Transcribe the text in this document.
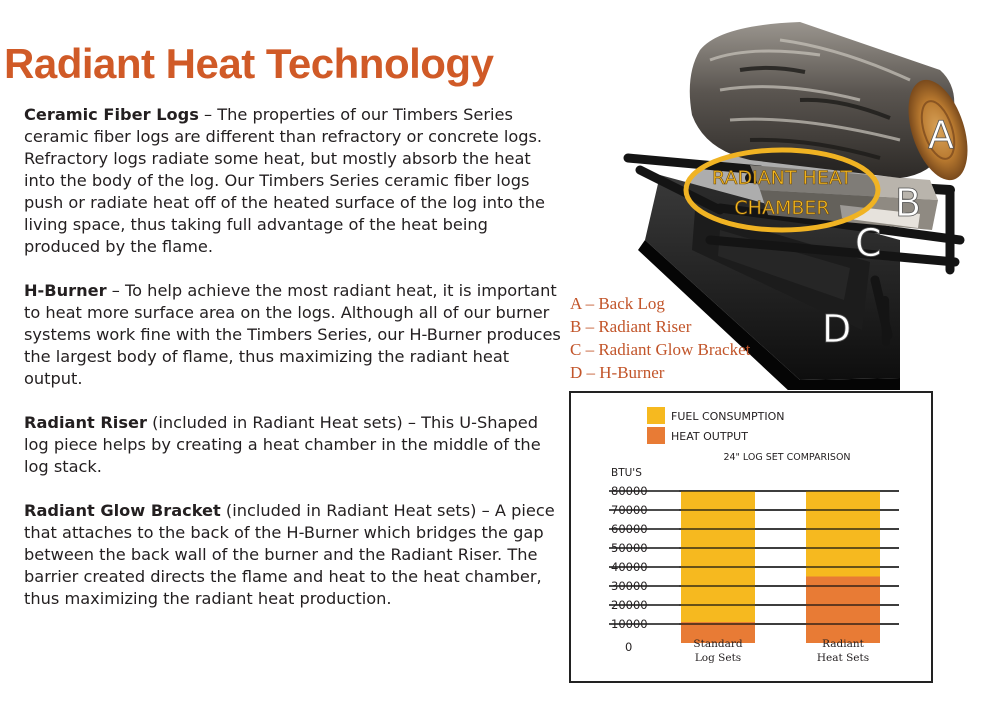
Radiant Heat Technology

Ceramic Fiber Logs – The properties of our Timbers Series ceramic fiber logs are different than refractory or concrete logs. Refractory logs radiate some heat, but mostly absorb the heat into the body of the log. Our Timbers Series ceramic fiber logs push or radiate heat off of the heated surface of the log into the living space, thus taking full advantage of the heat being produced by the flame.

H-Burner – To help achieve the most radiant heat, it is important to heat more surface area on the logs. Although all of our burner systems work fine with the Timbers Series, our H-Burner produces the largest body of flame, thus maximizing the radiant heat output.

Radiant Riser (included in Radiant Heat sets) – This U-Shaped log piece helps by creating a heat chamber in the middle of the log stack.

Radiant Glow Bracket (included in Radiant Heat sets) – A piece that attaches to the back of the H-Burner which bridges the gap between the back wall of the burner and the Radiant Riser. The barrier created directs the flame and heat to the heat chamber, thus maximizing the radiant heat production.

RADIANT HEAT
CHAMBER
A
B
C
D
A – Back Log
B – Radiant Riser
C – Radiant Glow Bracket
D – H-Burner
FUEL CONSUMPTION
HEAT OUTPUT
24" LOG SET COMPARISON
BTU'S
0
10000
20000
30000
40000
50000
60000
70000
80000
Standard
Log Sets
Radiant
Heat Sets
